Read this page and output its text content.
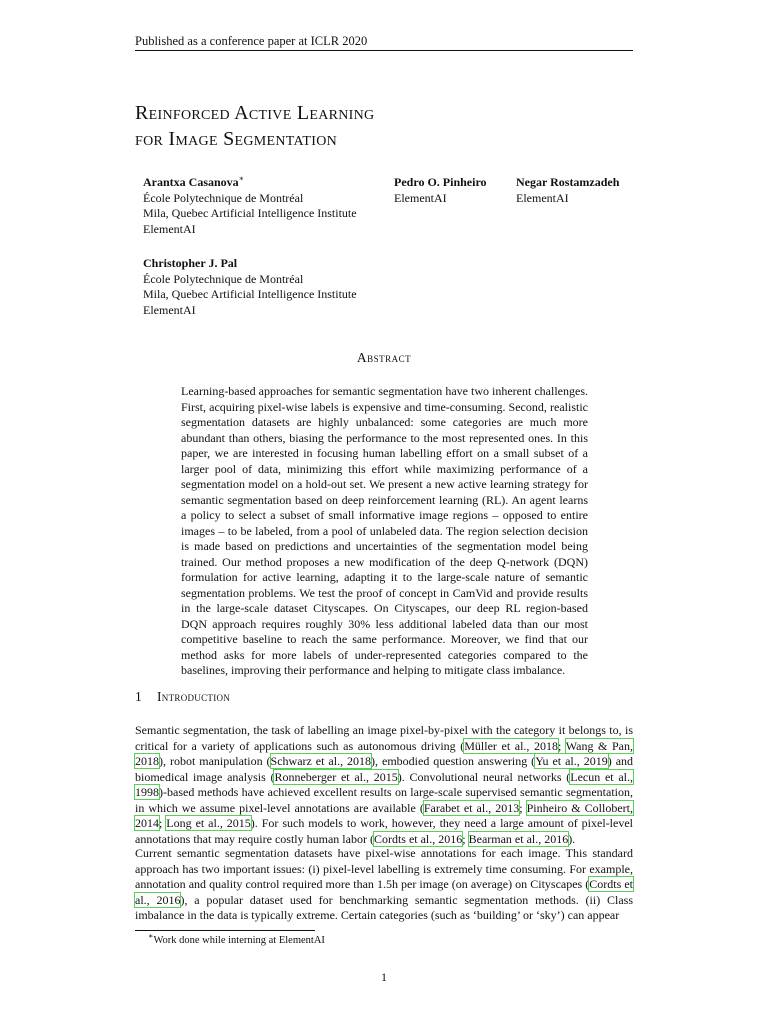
Published as a conference paper at ICLR 2020
Reinforced Active Learning
for Image Segmentation
Arantxa Casanova∗
École Polytechnique de Montréal
Mila, Quebec Artificial Intelligence Institute
ElementAI
Pedro O. Pinheiro
ElementAI
Negar Rostamzadeh
ElementAI
Christopher J. Pal
École Polytechnique de Montréal
Mila, Quebec Artificial Intelligence Institute
ElementAI
Abstract
Learning-based approaches for semantic segmentation have two inherent challenges. First, acquiring pixel-wise labels is expensive and time-consuming. Second, realistic segmentation datasets are highly unbalanced: some categories are much more abundant than others, biasing the performance to the most represented ones. In this paper, we are interested in focusing human labelling effort on a small subset of a larger pool of data, minimizing this effort while maximizing performance of a segmentation model on a hold-out set. We present a new active learning strategy for semantic segmentation based on deep reinforcement learning (RL). An agent learns a policy to select a subset of small informative image regions – opposed to entire images – to be labeled, from a pool of unlabeled data. The region selection decision is made based on predictions and uncertainties of the segmentation model being trained. Our method proposes a new modification of the deep Q-network (DQN) formulation for active learning, adapting it to the large-scale nature of semantic segmentation problems. We test the proof of concept in CamVid and provide results in the large-scale dataset Cityscapes. On Cityscapes, our deep RL region-based DQN approach requires roughly 30% less additional labeled data than our most competitive baseline to reach the same performance. Moreover, we find that our method asks for more labels of under-represented categories compared to the baselines, improving their performance and helping to mitigate class imbalance.
1 Introduction
Semantic segmentation, the task of labelling an image pixel-by-pixel with the category it belongs to, is critical for a variety of applications such as autonomous driving (Müller et al., 2018; Wang & Pan, 2018), robot manipulation (Schwarz et al., 2018), embodied question answering (Yu et al., 2019) and biomedical image analysis (Ronneberger et al., 2015). Convolutional neural networks (Lecun et al., 1998)-based methods have achieved excellent results on large-scale supervised semantic segmentation, in which we assume pixel-level annotations are available (Farabet et al., 2013; Pinheiro & Collobert, 2014; Long et al., 2015). For such models to work, however, they need a large amount of pixel-level annotations that may require costly human labor (Cordts et al., 2016; Bearman et al., 2016).
Current semantic segmentation datasets have pixel-wise annotations for each image. This standard approach has two important issues: (i) pixel-level labelling is extremely time consuming. For example, annotation and quality control required more than 1.5h per image (on average) on Cityscapes (Cordts et al., 2016), a popular dataset used for benchmarking semantic segmentation methods. (ii) Class imbalance in the data is typically extreme. Certain categories (such as ‘building’ or ‘sky’) can appear
∗Work done while interning at ElementAI
1
